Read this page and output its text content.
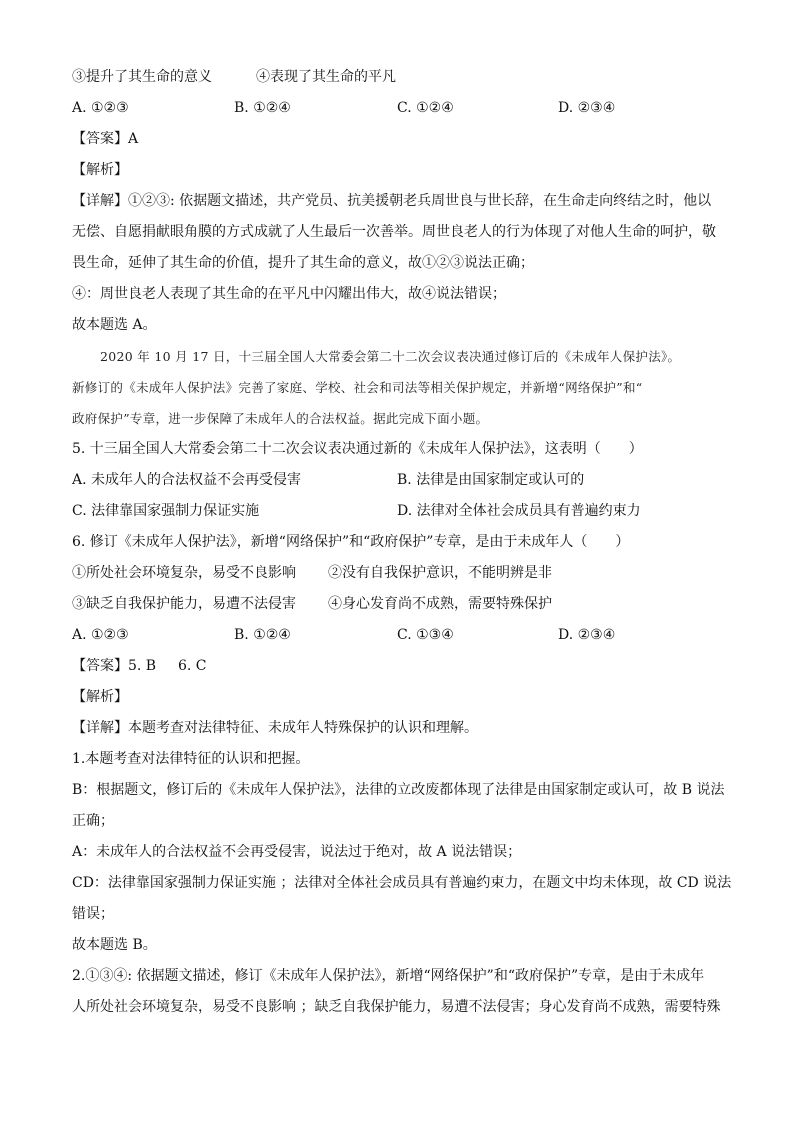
③提升了其生命的意义	④表现了其生命的平凡
A. ①②③	B. ①②④	C. ①②④	D. ②③④
【答案】A
【解析】
【详解】①②③: 依据题文描述，共产党员、抗美援朝老兵周世良与世长辞，在生命走向终结之时，他以
无偿、自愿捐献眼角膜的方式成就了人生最后一次善举。周世良老人的行为体现了对他人生命的呵护，敬
畏生命，延伸了其生命的价值，提升了其生命的意义，故①②③说法正确；
④：周世良老人表现了其生命的在平凡中闪耀出伟大，故④说法错误；
故本题选 A。
2020 年 10 月 17 日，十三届全国人大常委会第二十二次会议表决通过修订后的《未成年人保护法》。
新修订的《未成年人保护法》完善了家庭、学校、社会和司法等相关保护规定，并新增“网络保护”和“
政府保护”专章，进一步保障了未成年人的合法权益。据此完成下面小题。
5. 十三届全国人大常委会第二十二次会议表决通过新的《未成年人保护法》，这表明（　　）
A. 未成年人的合法权益不会再受侵害	B. 法律是由国家制定或认可的
C. 法律靠国家强制力保证实施	D. 法律对全体社会成员具有普遍约束力
6. 修订《未成年人保护法》，新增“网络保护”和“政府保护”专章，是由于未成年人（　　）
①所处社会环境复杂，易受不良影响 ②没有自我保护意识，不能明辨是非
③缺乏自我保护能力，易遭不法侵害 ④身心发育尚不成熟，需要特殊保护
A. ①②③	B. ①②④	C. ①③④	D. ②③④
【答案】5. B 6. C
【解析】
【详解】本题考查对法律特征、未成年人特殊保护的认识和理解。
1.本题考查对法律特征的认识和把握。
B：根据题文，修订后的《未成年人保护法》，法律的立改废都体现了法律是由国家制定或认可，故 B 说法
正确；
A：未成年人的合法权益不会再受侵害，说法过于绝对，故 A 说法错误；
CD：法律靠国家强制力保证实施 ；法律对全体社会成员具有普遍约束力，在题文中均未体现，故 CD 说法
错误；
故本题选 B。
2.①③④: 依据题文描述，修订《未成年人保护法》，新增“网络保护”和“政府保护”专章，是由于未成年
人所处社会环境复杂，易受不良影响 ；缺乏自我保护能力，易遭不法侵害；身心发育尚不成熟，需要特殊
